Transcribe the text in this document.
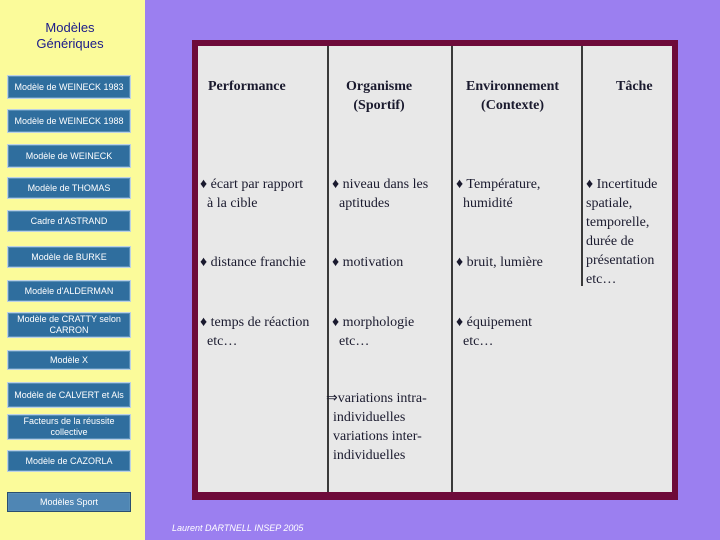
Modèles
Génériques
Modèle de WEINECK 1983
Modèle de WEINECK 1988
Modèle de WEINECK
Modèle de THOMAS
Cadre d'ASTRAND
Modèle de BURKE
Modèle d'ALDERMAN
Modèle de CRATTY selon CARRON
Modèle X
Modèle de CALVERT et Als
Facteurs de la réussite collective
Modèle de CAZORLA
Modèles Sport
Performance	Organisme
(Sportif)
Environnement
(Contexte)
Tâche
♦ écart par rapport
à la cible
♦ niveau dans les
aptitudes
♦ Température,
humidité
♦ Incertitude
spatiale,
temporelle,
durée de
présentation
etc…
♦ distance franchie ♦ motivation	♦ bruit, lumière
♦ temps de réaction
etc…
♦ morphologie
etc…
♦ équipement
etc…
⇒variations intra-
individuelles
variations inter-
individuelles
Laurent DARTNELL INSEP 2005
